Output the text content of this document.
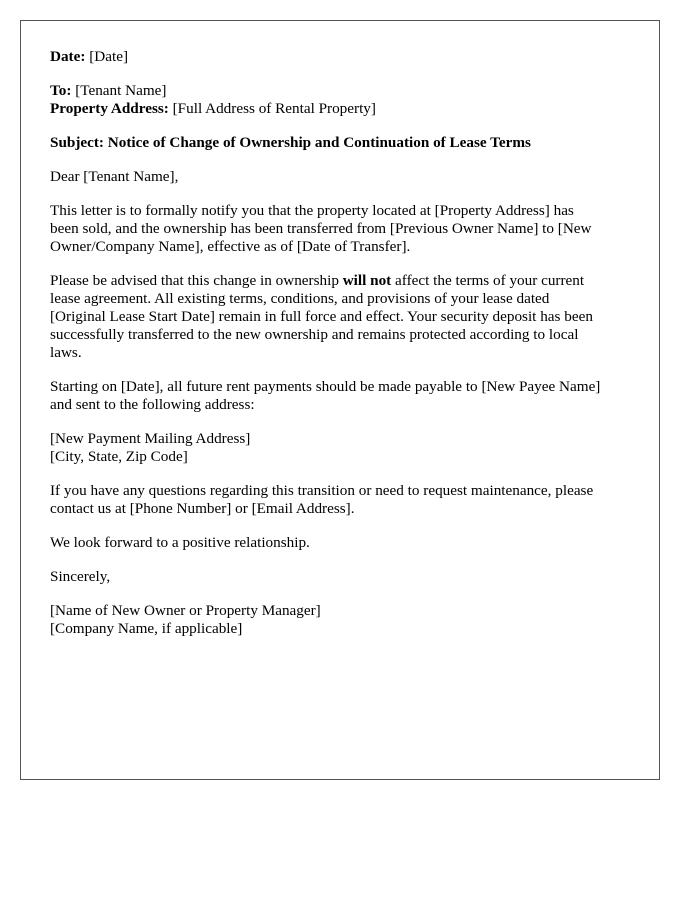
Date: [Date]

To: [Tenant Name]
Property Address: [Full Address of Rental Property]

Subject: Notice of Change of Ownership and Continuation of Lease Terms

Dear [Tenant Name],

This letter is to formally notify you that the property located at [Property Address] has
been sold, and the ownership has been transferred from [Previous Owner Name] to [New
Owner/Company Name], effective as of [Date of Transfer].

Please be advised that this change in ownership will not affect the terms of your current
lease agreement. All existing terms, conditions, and provisions of your lease dated
[Original Lease Start Date] remain in full force and effect. Your security deposit has been
successfully transferred to the new ownership and remains protected according to local
laws.

Starting on [Date], all future rent payments should be made payable to [New Payee Name]
and sent to the following address:

[New Payment Mailing Address]
[City, State, Zip Code]

If you have any questions regarding this transition or need to request maintenance, please
contact us at [Phone Number] or [Email Address].

We look forward to a positive relationship.

Sincerely,

[Name of New Owner or Property Manager]
[Company Name, if applicable]
